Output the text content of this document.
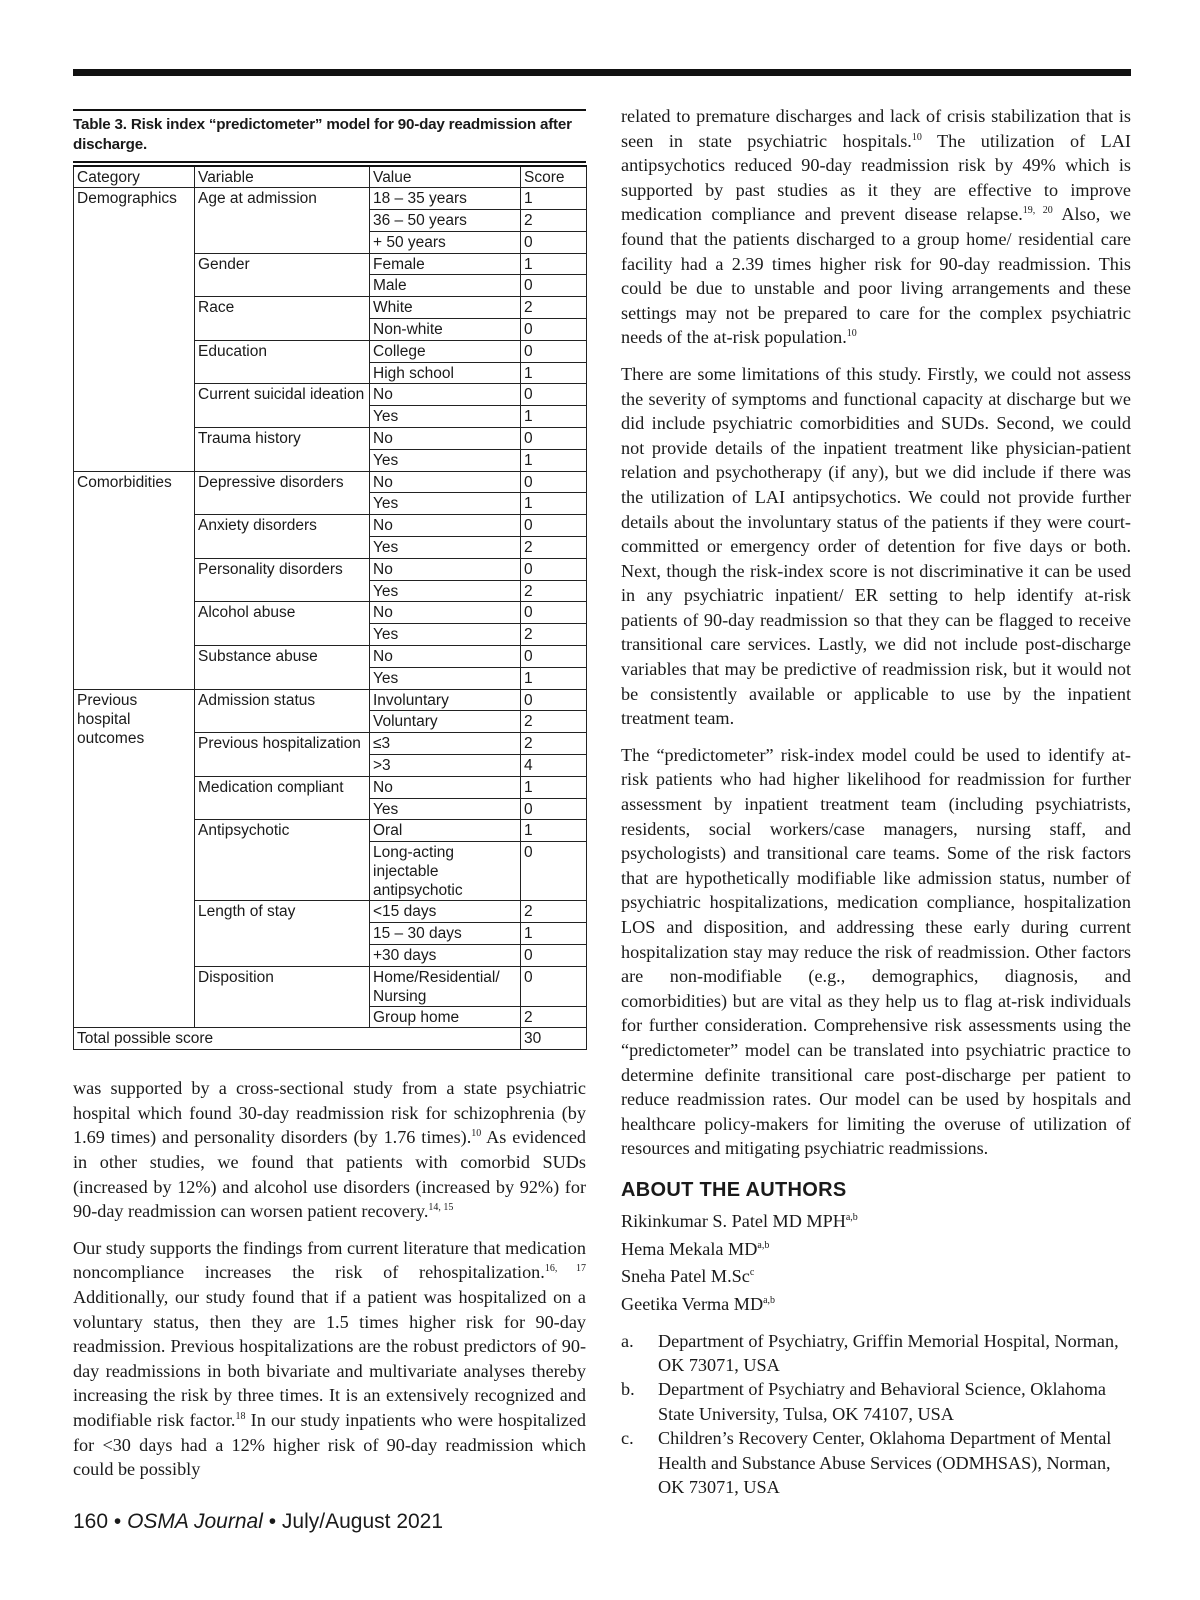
Table 3. Risk index “predictometer” model for 90-day readmission after discharge.
Category	Variable	Value	Score
Demographics	Age at admission	18 – 35 years	1
		36 – 50 years	2
		+ 50 years	0
	Gender	Female	1
		Male	0
	Race	White	2
		Non-white	0
	Education	College	0
		High school	1
	Current suicidal ideation	No	0
		Yes	1
	Trauma history	No	0
		Yes	1
Comorbidities	Depressive disorders	No	0
		Yes	1
	Anxiety disorders	No	0
		Yes	2
	Personality disorders	No	0
		Yes	2
	Alcohol abuse	No	0
		Yes	2
	Substance abuse	No	0
		Yes	1
Previous hospital outcomes	Admission status	Involuntary	0
		Voluntary	2
	Previous hospitalization	≤3	2
		>3	4
	Medication compliant	No	1
		Yes	0
	Antipsychotic	Oral	1
		Long-acting injectable antipsychotic	0
	Length of stay	<15 days	2
		15 – 30 days	1
		+30 days	0
	Disposition	Home/Residential/ Nursing	0
		Group home	2
Total possible score			30

was supported by a cross-sectional study from a state psychiatric hospital which found 30-day readmission risk for schizophrenia (by 1.69 times) and personality disorders (by 1.76 times).$^{10}$ As evidenced in other studies, we found that patients with comorbid SUDs (increased by 12%) and alcohol use disorders (increased by 92%) for 90-day readmission can worsen patient recovery.$^{14, 15}$

Our study supports the findings from current literature that medication noncompliance increases the risk of rehospitalization.$^{16, 17}$ Additionally, our study found that if a patient was hospitalized on a voluntary status, then they are 1.5 times higher risk for 90-day readmission. Previous hospitalizations are the robust predictors of 90-day readmissions in both bivariate and multivariate analyses thereby increasing the risk by three times. It is an extensively recognized and modifiable risk factor.$^{18}$ In our study inpatients who were hospitalized for <30 days had a 12% higher risk of 90-day readmission which could be possibly

related to premature discharges and lack of crisis stabilization that is seen in state psychiatric hospitals.$^{10}$ The utilization of LAI antipsychotics reduced 90-day readmission risk by 49% which is supported by past studies as it they are effective to improve medication compliance and prevent disease relapse.$^{19, 20}$ Also, we found that the patients discharged to a group home/ residential care facility had a 2.39 times higher risk for 90-day readmission. This could be due to unstable and poor living arrangements and these settings may not be prepared to care for the complex psychiatric needs of the at-risk population.$^{10}$

There are some limitations of this study. Firstly, we could not assess the severity of symptoms and functional capacity at discharge but we did include psychiatric comorbidities and SUDs. Second, we could not provide details of the inpatient treatment like physician-patient relation and psychotherapy (if any), but we did include if there was the utilization of LAI antipsychotics. We could not provide further details about the involuntary status of the patients if they were court-committed or emergency order of detention for five days or both. Next, though the risk-index score is not discriminative it can be used in any psychiatric inpatient/ ER setting to help identify at-risk patients of 90-day readmission so that they can be flagged to receive transitional care services. Lastly, we did not include post-discharge variables that may be predictive of readmission risk, but it would not be consistently available or applicable to use by the inpatient treatment team.

The “predictometer” risk-index model could be used to identify at-risk patients who had higher likelihood for readmission for further assessment by inpatient treatment team (including psychiatrists, residents, social workers/case managers, nursing staff, and psychologists) and transitional care teams. Some of the risk factors that are hypothetically modifiable like admission status, number of psychiatric hospitalizations, medication compliance, hospitalization LOS and disposition, and addressing these early during current hospitalization stay may reduce the risk of readmission. Other factors are non-modifiable (e.g., demographics, diagnosis, and comorbidities) but are vital as they help us to flag at-risk individuals for further consideration. Comprehensive risk assessments using the “predictometer” model can be translated into psychiatric practice to determine definite transitional care post-discharge per patient to reduce readmission rates. Our model can be used by hospitals and healthcare policy-makers for limiting the overuse of utilization of resources and mitigating psychiatric readmissions.

ABOUT THE AUTHORS
Rikinkumar S. Patel MD MPH$^{a,b}$
Hema Mekala MD$^{a,b}$
Sneha Patel M.Sc$^c$
Geetika Verma MD$^{a,b}$
a.	Department of Psychiatry, Griffin Memorial Hospital, Norman, OK 73071, USA
b.	Department of Psychiatry and Behavioral Science, Oklahoma State University, Tulsa, OK 74107, USA
c.	Children’s Recovery Center, Oklahoma Department of Mental Health and Substance Abuse Services (ODMHSAS), Norman, OK 73071, USA
160 • OSMA Journal • July/August 2021
